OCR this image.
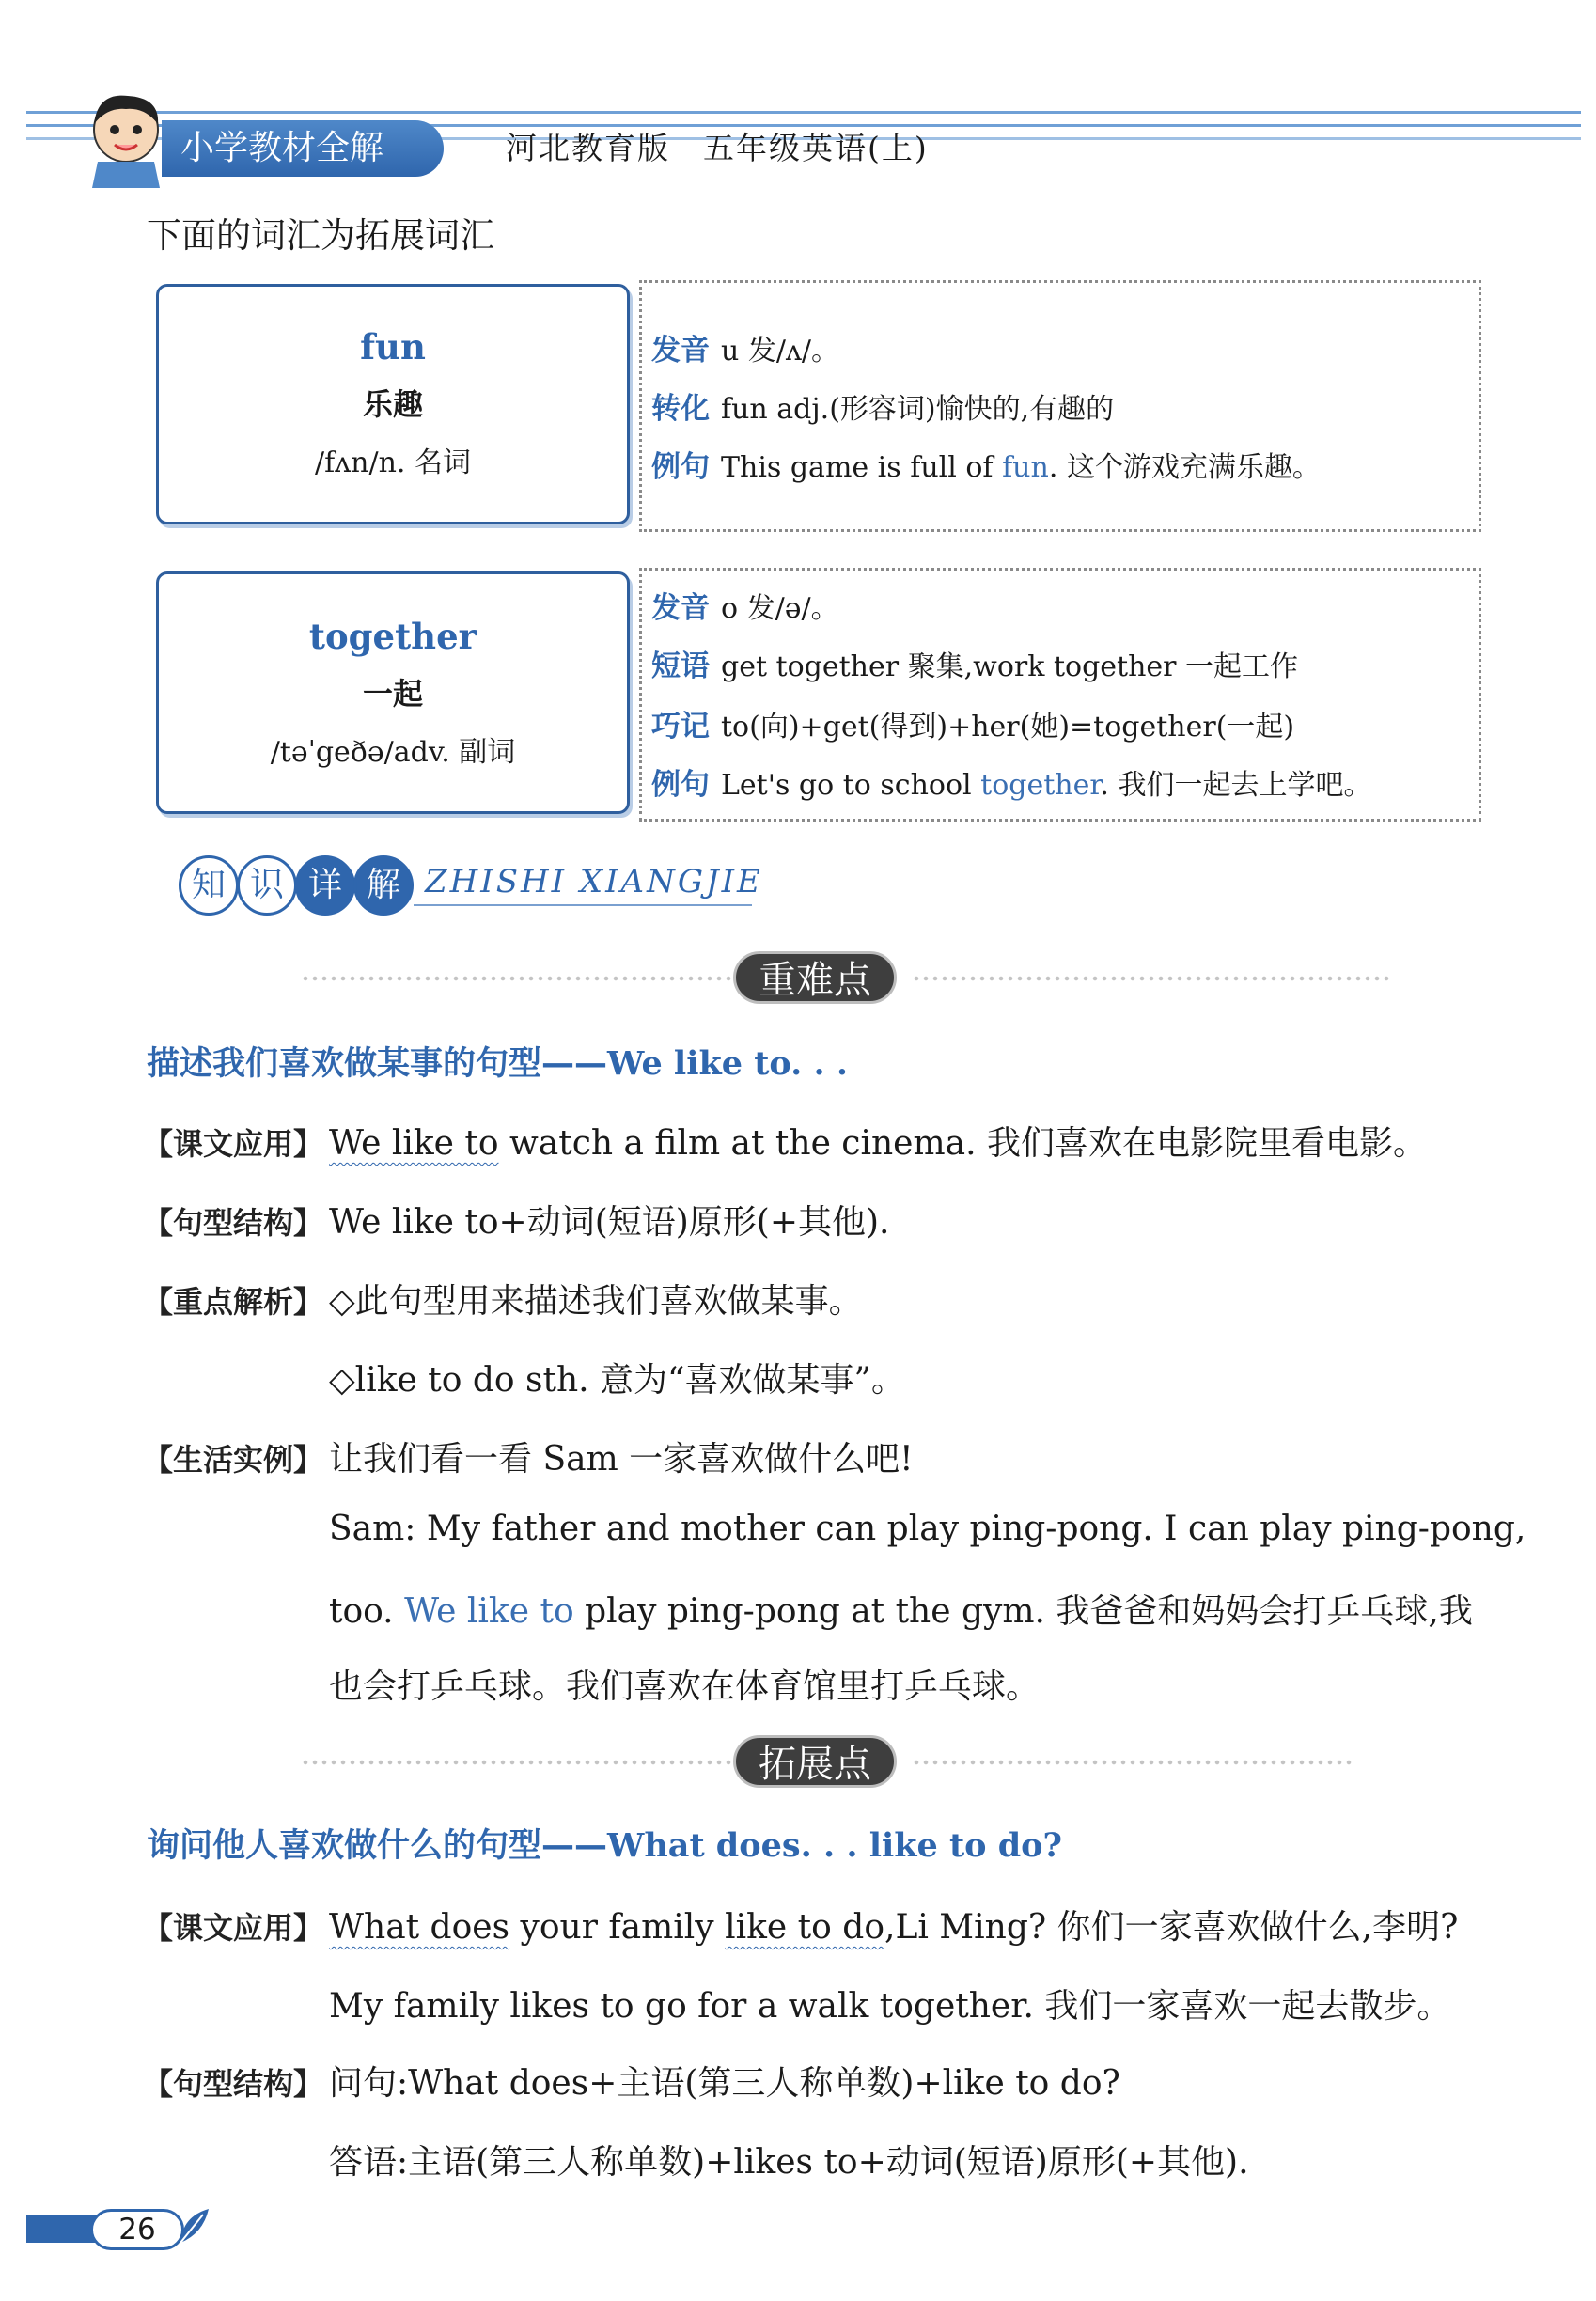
小学教材全解	河北教育版　五年级英语(上)
下面的词汇为拓展词汇
fun
乐趣
/fʌn/n. 名词
发音 u 发/ʌ/。
转化 fun adj.(形容词)愉快的,有趣的
例句 This game is full of fun. 这个游戏充满乐趣。
together
一起
/təˈgeðə/adv. 副词
发音 o 发/ə/。
短语 get together 聚集,work together 一起工作
巧记 to(向)+get(得到)+her(她)=together(一起)
例句 Let's go to school together. 我们一起去上学吧。
知 识 详 解 ZHISHI XIANGJIE
重难点
描述我们喜欢做某事的句型——We like to. . .
【课文应用】 We like to watch a film at the cinema. 我们喜欢在电影院里看电影。
【句型结构】 We like to+动词(短语)原形(+其他).
【重点解析】 ◇此句型用来描述我们喜欢做某事。
◇like to do sth. 意为“喜欢做某事”。
【生活实例】 让我们看一看 Sam 一家喜欢做什么吧!
Sam: My father and mother can play ping-pong. I can play ping-pong,
too. We like to play ping-pong at the gym. 我爸爸和妈妈会打乒乓球,我
也会打乒乓球。我们喜欢在体育馆里打乒乓球。
拓展点
询问他人喜欢做什么的句型——What does. . . like to do?
【课文应用】 What does your family like to do,Li Ming? 你们一家喜欢做什么,李明?
My family likes to go for a walk together. 我们一家喜欢一起去散步。
【句型结构】 问句:What does+主语(第三人称单数)+like to do?
答语:主语(第三人称单数)+likes to+动词(短语)原形(+其他).
26
